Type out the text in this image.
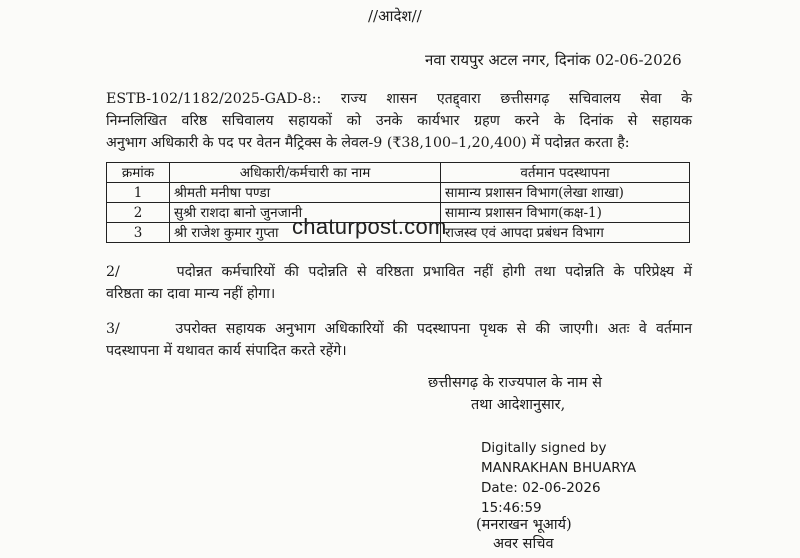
//आदेश//
नवा रायपुर अटल नगर, दिनांक 02-06-2026
ESTB-102/1182/2025-GAD-8:: राज्य शासन एतद्द्वारा छत्तीसगढ़ सचिवालय सेवा के
निम्नलिखित वरिष्ठ सचिवालय सहायकों को उनके कार्यभार ग्रहण करने के दिनांक से सहायक
अनुभाग अधिकारी के पद पर वेतन मैट्रिक्स के लेवल-9 (₹38,100–1,20,400) में पदोन्नत करता है:
क्रमांक	अधिकारी/कर्मचारी का नाम	वर्तमान पदस्थापना
1	श्रीमती मनीषा पण्डा	सामान्य प्रशासन विभाग(लेखा शाखा)
2	सुश्री राशदा बानो जुनजानी	सामान्य प्रशासन विभाग(कक्ष-1)
3	श्री राजेश कुमार गुप्ता	राजस्व एवं आपदा प्रबंधन विभाग
chaturpost.com
2/      पदोन्नत कर्मचारियों की पदोन्नति से वरिष्ठता प्रभावित नहीं होगी तथा पदोन्नति के परिप्रेक्ष्य में
वरिष्ठता का दावा मान्य नहीं होगा।
3/      उपरोक्त सहायक अनुभाग अधिकारियों की पदस्थापना पृथक से की जाएगी। अतः वे वर्तमान
पदस्थापना में यथावत कार्य संपादित करते रहेंगे।
छत्तीसगढ़ के राज्यपाल के नाम से
तथा आदेशानुसार,
Digitally signed by
MANRAKHAN BHUARYA
Date: 02-06-2026
15:46:59
(मनराखन भूआर्य)
अवर सचिव
